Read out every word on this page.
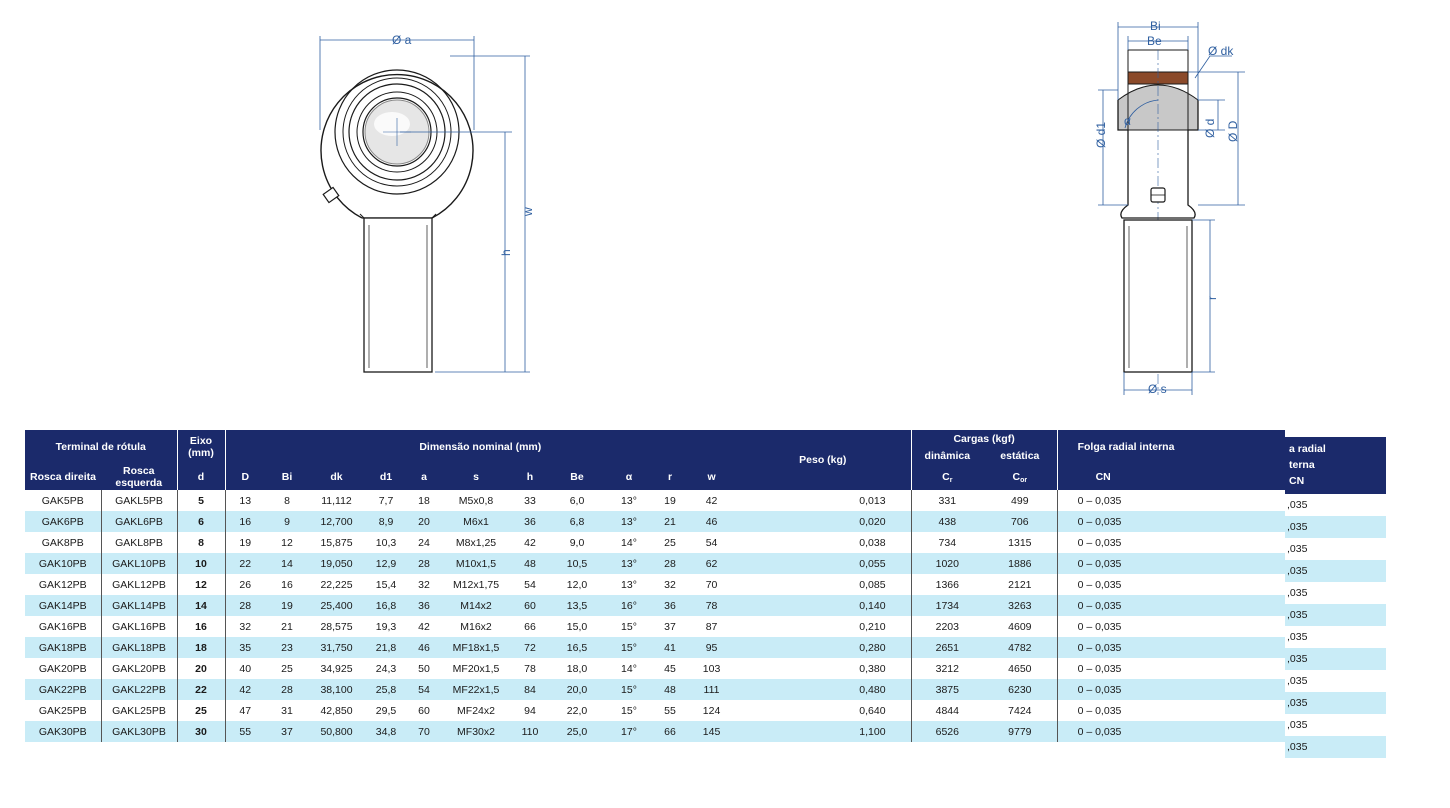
Ø a
w
h
Bi
Be
Ø dk
Ø d1
α	Ø d Ø D
r
Ø s
Terminal de rótula		Eixo (mm)	Dimensão nominal (mm)											Peso (kg)	Cargas (kgf)		Folga radial interna
															dinâmica	estática	
Rosca direita	Rosca esquerda	d	D	Bi	dk	d1	a	s	h	Be	α	r	w		$C_r$	$C_{or}$	CN
GAK5PB	GAKL5PB	5	13	8	11,112	7,7	18	M5x0,8	33	6,0	13°	19	42	0,013	331	499	0 – 0,035
GAK6PB	GAKL6PB	6	16	9	12,700	8,9	20	M6x1	36	6,8	13°	21	46	0,020	438	706	0 – 0,035
GAK8PB	GAKL8PB	8	19	12	15,875	10,3	24	M8x1,25	42	9,0	14°	25	54	0,038	734	1315	0 – 0,035
GAK10PB	GAKL10PB	10	22	14	19,050	12,9	28	M10x1,5	48	10,5	13°	28	62	0,055	1020	1886	0 – 0,035
GAK12PB	GAKL12PB	12	26	16	22,225	15,4	32	M12x1,75	54	12,0	13°	32	70	0,085	1366	2121	0 – 0,035
GAK14PB	GAKL14PB	14	28	19	25,400	16,8	36	M14x2	60	13,5	16°	36	78	0,140	1734	3263	0 – 0,035
GAK16PB	GAKL16PB	16	32	21	28,575	19,3	42	M16x2	66	15,0	15°	37	87	0,210	2203	4609	0 – 0,035
GAK18PB	GAKL18PB	18	35	23	31,750	21,8	46	MF18x1,5	72	16,5	15°	41	95	0,280	2651	4782	0 – 0,035
GAK20PB	GAKL20PB	20	40	25	34,925	24,3	50	MF20x1,5	78	18,0	14°	45	103	0,380	3212	4650	0 – 0,035
GAK22PB	GAKL22PB	22	42	28	38,100	25,8	54	MF22x1,5	84	20,0	15°	48	111	0,480	3875	6230	0 – 0,035
GAK25PB	GAKL25PB	25	47	31	42,850	29,5	60	MF24x2	94	22,0	15°	55	124	0,640	4844	7424	0 – 0,035
GAK30PB	GAKL30PB	30	55	37	50,800	34,8	70	MF30x2	110	25,0	17°	66	145	1,100	6526	9779	0 – 0,035
a radial
terna
CN
,035
,035
,035
,035
,035
,035
,035
,035
,035
,035
,035
,035
